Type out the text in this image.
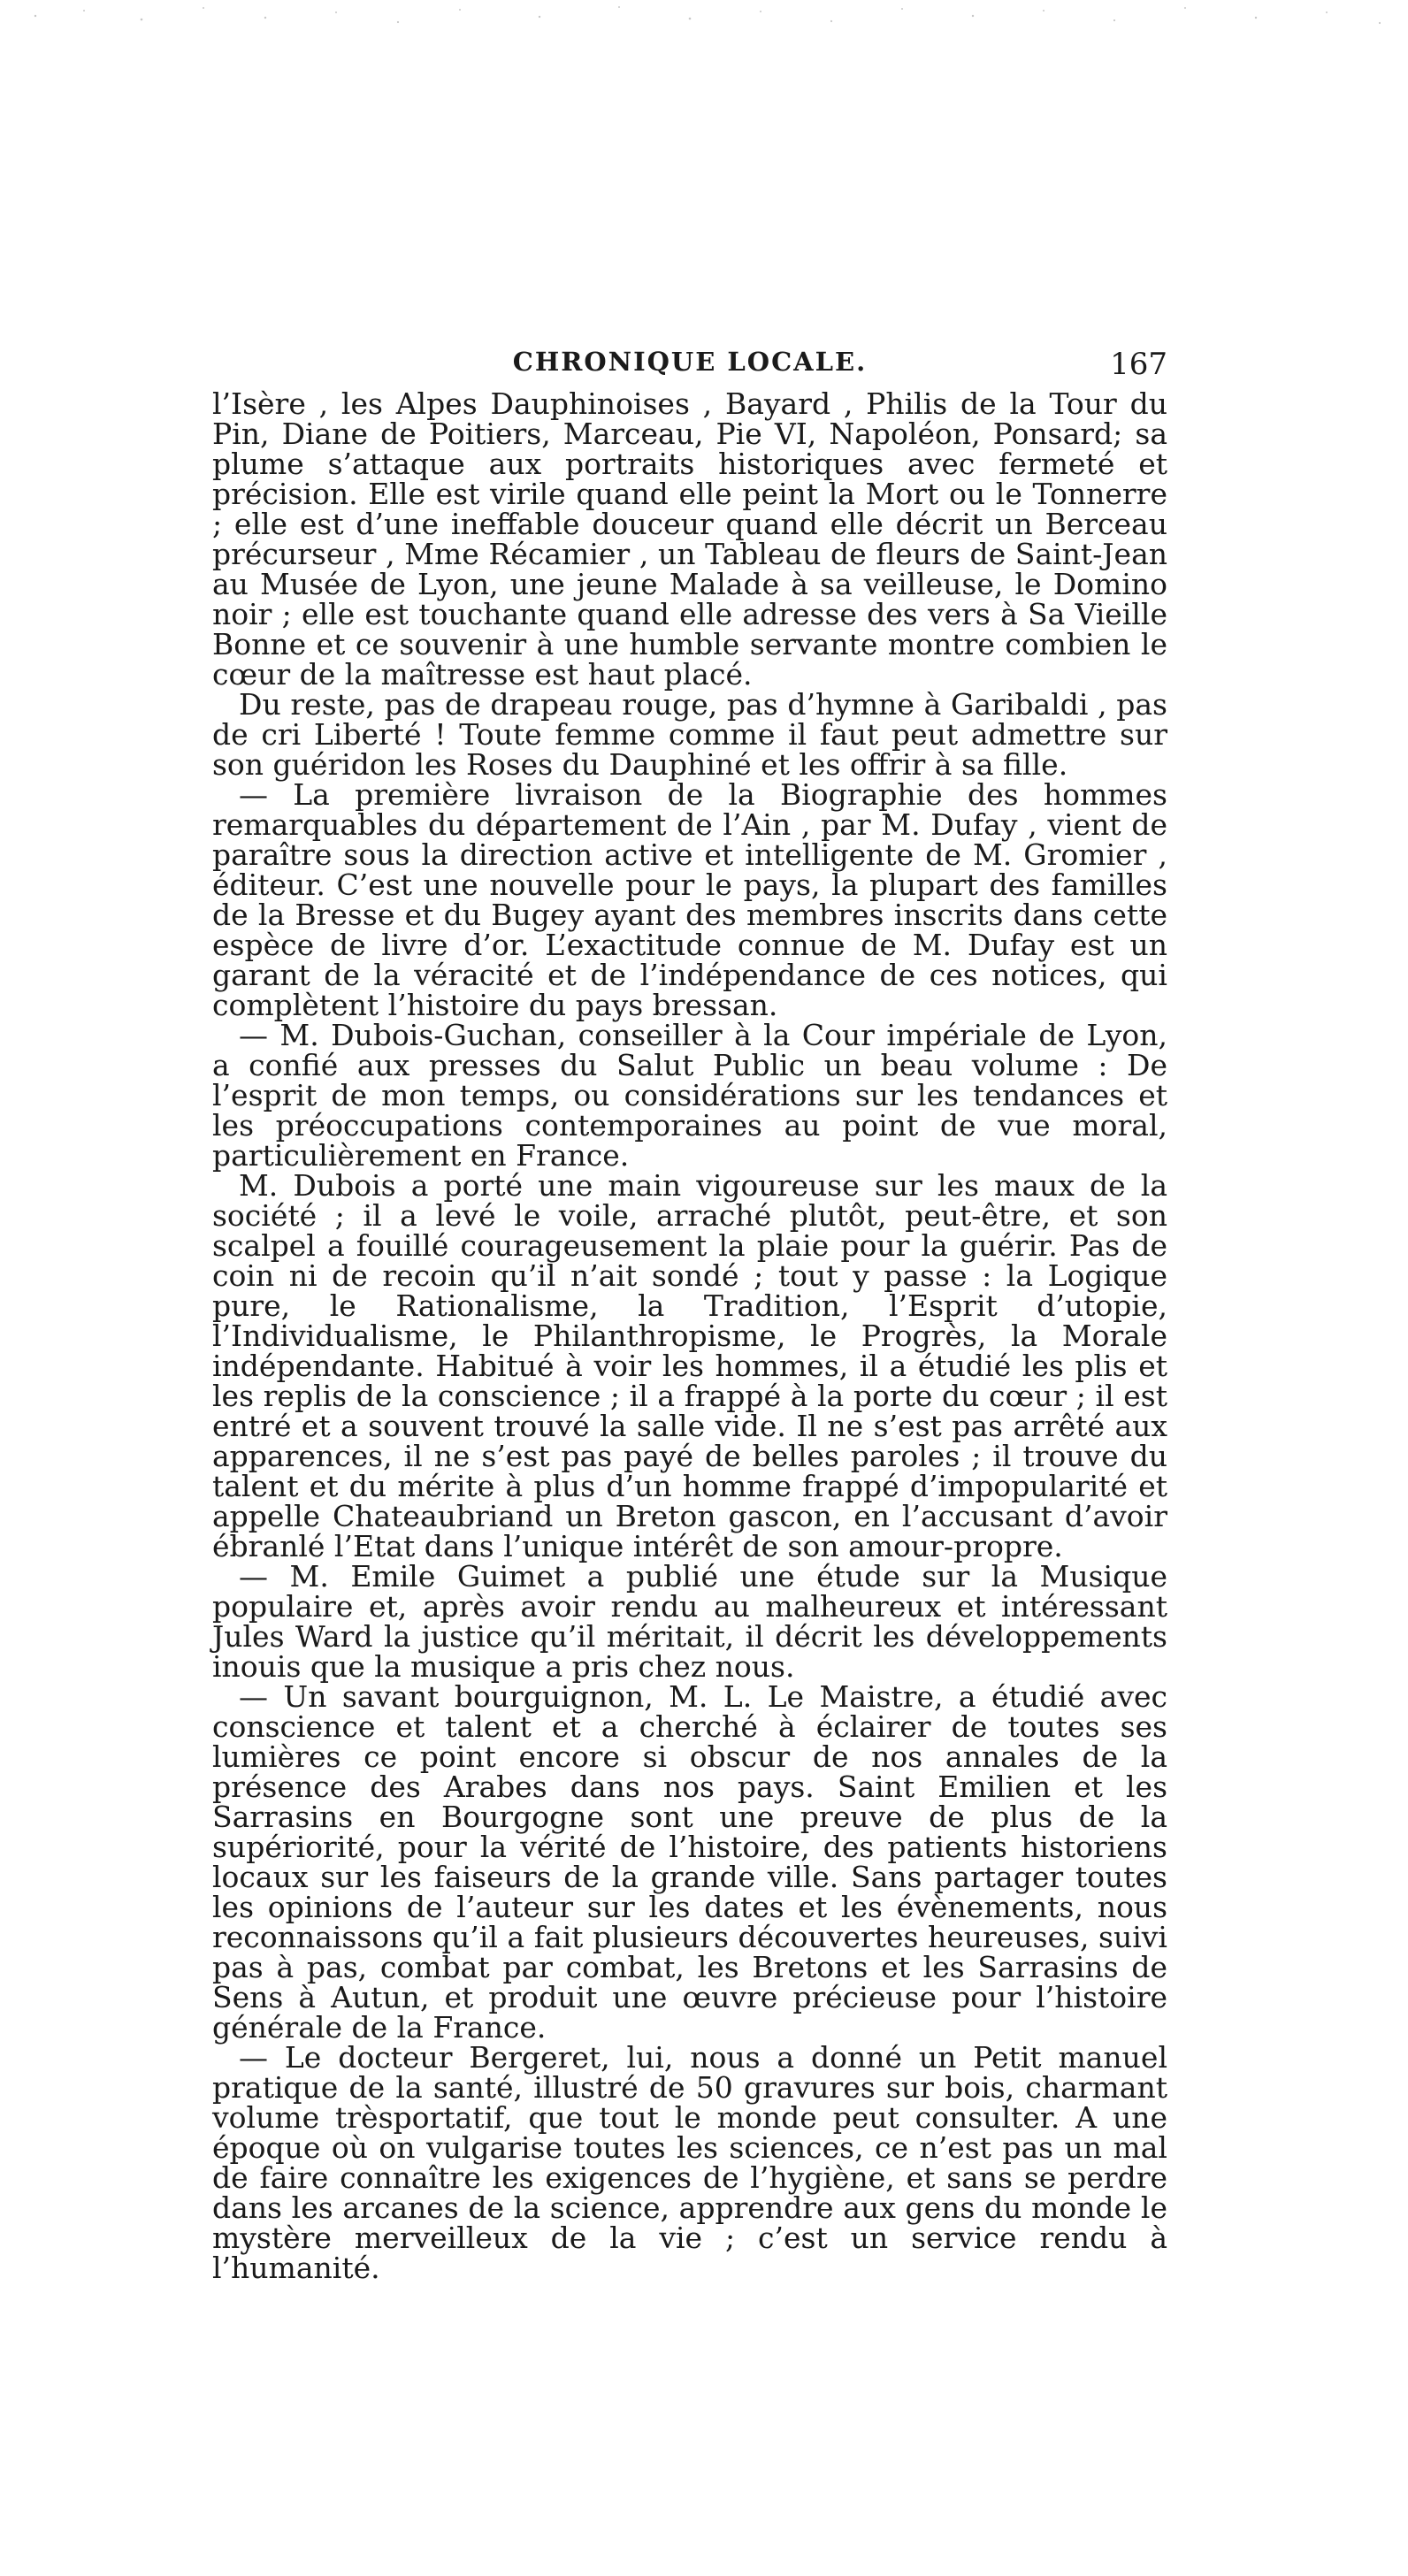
CHRONIQUE LOCALE.	167

l’Isère , les Alpes Dauphinoises , Bayard , Philis de la Tour du Pin, Diane de Poitiers, Marceau, Pie VI, Napoléon, Ponsard; sa plume s’attaque aux portraits historiques avec fermeté et précision. Elle est virile quand elle peint la Mort ou le Tonnerre ; elle est d’une ineffable douceur quand elle décrit un Berceau précurseur , Mme Récamier , un Tableau de fleurs de Saint-Jean au Musée de Lyon, une jeune Malade à sa veilleuse, le Domino noir ; elle est touchante quand elle adresse des vers à Sa Vieille Bonne et ce souvenir à une humble servante montre combien le cœur de la maîtresse est haut placé.

Du reste, pas de drapeau rouge, pas d’hymne à Garibaldi , pas de cri Liberté ! Toute femme comme il faut peut admettre sur son guéridon les Roses du Dauphiné et les offrir à sa fille.

— La première livraison de la Biographie des hommes remarquables du département de l’Ain , par M. Dufay , vient de paraître sous la direction active et intelligente de M. Gromier , éditeur. C’est une nouvelle pour le pays, la plupart des familles de la Bresse et du Bugey ayant des membres inscrits dans cette espèce de livre d’or. L’exactitude connue de M. Dufay est un garant de la véracité et de l’indépendance de ces notices, qui complètent l’histoire du pays bressan.

— M. Dubois-Guchan, conseiller à la Cour impériale de Lyon, a confié aux presses du Salut Public un beau volume : De l’esprit de mon temps, ou considérations sur les tendances et les préoccupations contemporaines au point de vue moral, particulièrement en France.

M. Dubois a porté une main vigoureuse sur les maux de la société ; il a levé le voile, arraché plutôt, peut-être, et son scalpel a fouillé courageusement la plaie pour la guérir. Pas de coin ni de recoin qu’il n’ait sondé ; tout y passe : la Logique pure, le Rationalisme, la Tradition, l’Esprit d’utopie, l’Individualisme, le Philanthropisme, le Progrès, la Morale indépendante. Habitué à voir les hommes, il a étudié les plis et les replis de la conscience ; il a frappé à la porte du cœur ; il est entré et a souvent trouvé la salle vide. Il ne s’est pas arrêté aux apparences, il ne s’est pas payé de belles paroles ; il trouve du talent et du mérite à plus d’un homme frappé d’impopularité et appelle Chateaubriand un Breton gascon, en l’accusant d’avoir ébranlé l’Etat dans l’unique intérêt de son amour-propre.

— M. Emile Guimet a publié une étude sur la Musique populaire et, après avoir rendu au malheureux et intéressant Jules Ward la justice qu’il méritait, il décrit les développements inouis que la musique a pris chez nous.

— Un savant bourguignon, M. L. Le Maistre, a étudié avec conscience et talent et a cherché à éclairer de toutes ses lumières ce point encore si obscur de nos annales de la présence des Arabes dans nos pays. Saint Emilien et les Sarrasins en Bourgogne sont une preuve de plus de la supériorité, pour la vérité de l’histoire, des patients historiens locaux sur les faiseurs de la grande ville. Sans partager toutes les opinions de l’auteur sur les dates et les évènements, nous reconnaissons qu’il a fait plusieurs découvertes heureuses, suivi pas à pas, combat par combat, les Bretons et les Sarrasins de Sens à Autun, et produit une œuvre précieuse pour l’histoire générale de la France.

— Le docteur Bergeret, lui, nous a donné un Petit manuel pratique de la santé, illustré de 50 gravures sur bois, charmant volume trèsportatif, que tout le monde peut consulter. A une époque où on vulgarise toutes les sciences, ce n’est pas un mal de faire connaître les exigences de l’hygiène, et sans se perdre dans les arcanes de la science, apprendre aux gens du monde le mystère merveilleux de la vie ; c’est un service rendu à l’humanité.
